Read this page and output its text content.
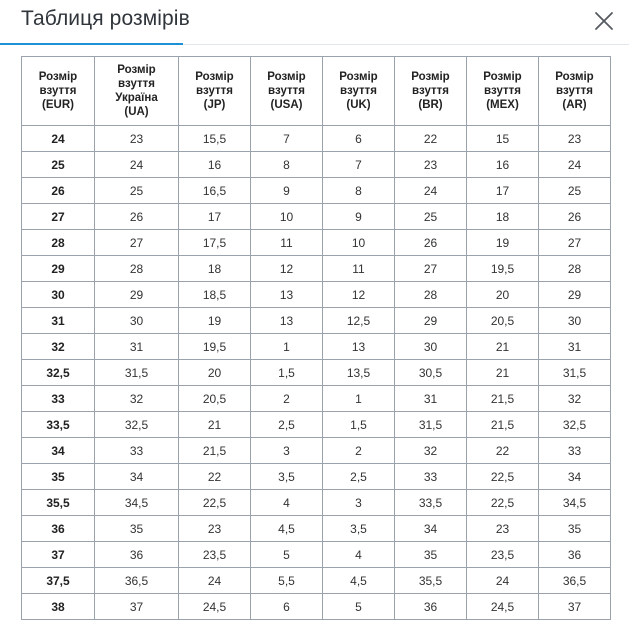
Таблиця розмірів
Розмір
взуття
(EUR)	Розмір
взуття
Україна
(UA)	Розмір
взуття
(JP)	Розмір
взуття
(USA)	Розмір
взуття
(UK)	Розмір
взуття
(BR)	Розмір
взуття
(MEX)	Розмір
взуття
(AR)

24	23	15,5	7	6	22	15	23
25	24	16	8	7	23	16	24
26	25	16,5	9	8	24	17	25
27	26	17	10	9	25	18	26
28	27	17,5	11	10	26	19	27
29	28	18	12	11	27	19,5	28
30	29	18,5	13	12	28	20	29
31	30	19	13	12,5	29	20,5	30
32	31	19,5	1	13	30	21	31
32,5	31,5	20	1,5	13,5	30,5	21	31,5
33	32	20,5	2	1	31	21,5	32
33,5	32,5	21	2,5	1,5	31,5	21,5	32,5
34	33	21,5	3	2	32	22	33
35	34	22	3,5	2,5	33	22,5	34
35,5	34,5	22,5	4	3	33,5	22,5	34,5
36	35	23	4,5	3,5	34	23	35
37	36	23,5	5	4	35	23,5	36
37,5	36,5	24	5,5	4,5	35,5	24	36,5
38	37	24,5	6	5	36	24,5	37
